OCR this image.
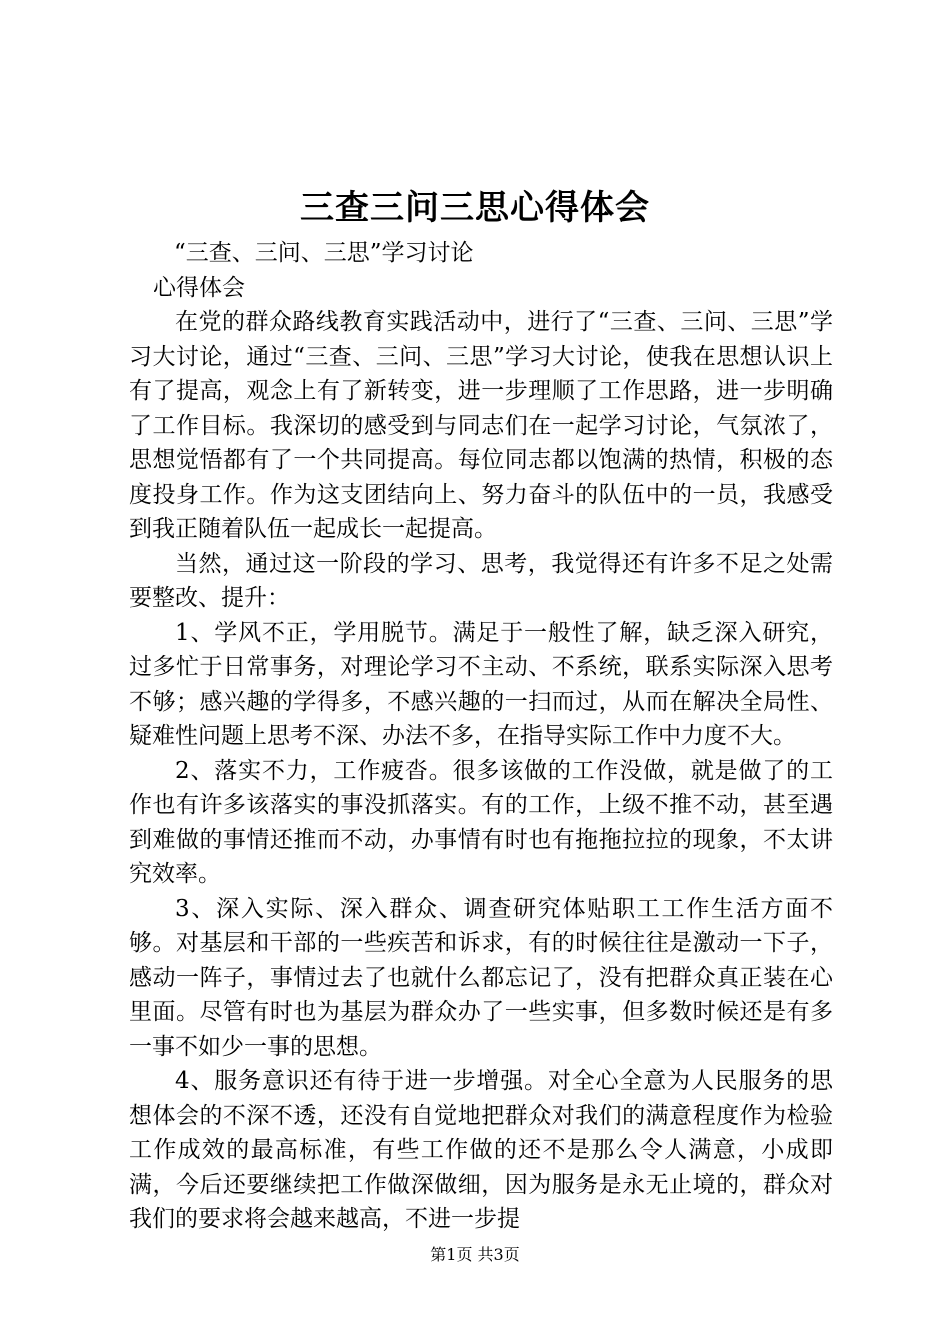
三查三问三思心得体会

“三查、三问、三思”学习讨论

心得体会

在党的群众路线教育实践活动中，进行了“三查、三问、三思”学习大讨论，通过“三查、三问、三思”学习大讨论，使我在思想认识上有了提高，观念上有了新转变，进一步理顺了工作思路，进一步明确了工作目标。我深切的感受到与同志们在一起学习讨论，气氛浓了，思想觉悟都有了一个共同提高。每位同志都以饱满的热情，积极的态度投身工作。作为这支团结向上、努力奋斗的队伍中的一员，我感受到我正随着队伍一起成长一起提高。

当然，通过这一阶段的学习、思考，我觉得还有许多不足之处需要整改、提升：

1、学风不正，学用脱节。满足于一般性了解，缺乏深入研究，过多忙于日常事务，对理论学习不主动、不系统，联系实际深入思考不够；感兴趣的学得多，不感兴趣的一扫而过，从而在解决全局性、疑难性问题上思考不深、办法不多，在指导实际工作中力度不大。

2、落实不力，工作疲沓。很多该做的工作没做，就是做了的工作也有许多该落实的事没抓落实。有的工作，上级不推不动，甚至遇到难做的事情还推而不动，办事情有时也有拖拖拉拉的现象，不太讲究效率。

3、深入实际、深入群众、调查研究体贴职工工作生活方面不够。对基层和干部的一些疾苦和诉求，有的时候往往是激动一下子，感动一阵子，事情过去了也就什么都忘记了，没有把群众真正装在心里面。尽管有时也为基层为群众办了一些实事，但多数时候还是有多一事不如少一事的思想。

4、服务意识还有待于进一步增强。对全心全意为人民服务的思想体会的不深不透，还没有自觉地把群众对我们的满意程度作为检验工作成效的最高标准，有些工作做的还不是那么令人满意，小成即满，今后还要继续把工作做深做细，因为服务是永无止境的，群众对我们的要求将会越来越高，不进一步提

第1页 共3页
